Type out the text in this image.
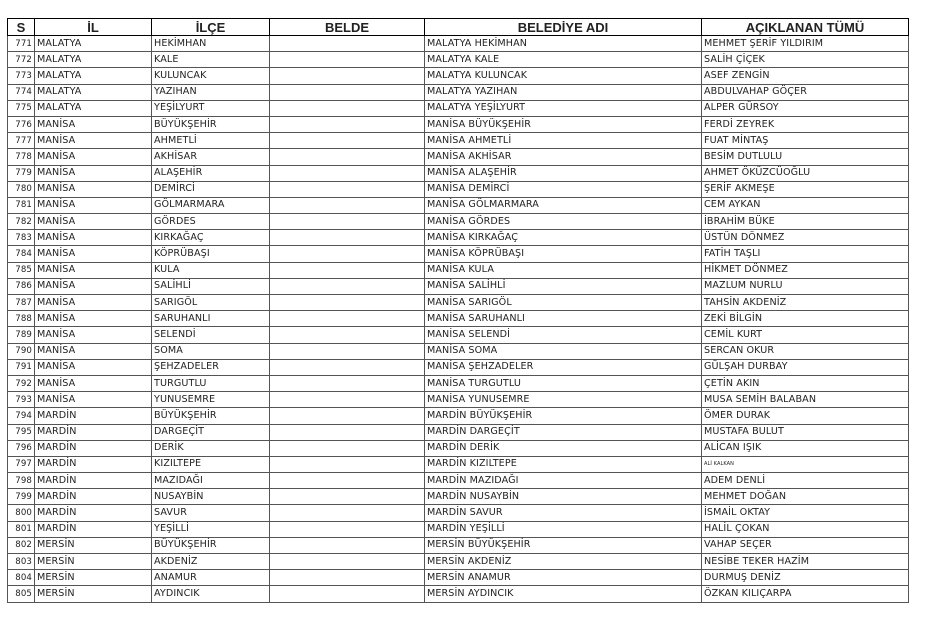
S	İL	İLÇE	BELDE	BELEDİYE ADI	AÇIKLANAN TÜMÜ
771	MALATYA	HEKİMHAN		MALATYA HEKİMHAN	MEHMET ŞERİF YILDIRIM
772	MALATYA	KALE		MALATYA KALE	SALİH ÇİÇEK
773	MALATYA	KULUNCAK		MALATYA KULUNCAK	ASEF ZENGİN
774	MALATYA	YAZIHAN		MALATYA YAZIHAN	ABDULVAHAP GÖÇER
775	MALATYA	YEŞİLYURT		MALATYA YEŞİLYURT	ALPER GÜRSOY
776	MANİSA	BÜYÜKŞEHİR		MANİSA BÜYÜKŞEHİR	FERDİ ZEYREK
777	MANİSA	AHMETLİ		MANİSA AHMETLİ	FUAT MİNTAŞ
778	MANİSA	AKHİSAR		MANİSA AKHİSAR	BESİM DUTLULU
779	MANİSA	ALAŞEHİR		MANİSA ALAŞEHİR	AHMET ÖKÜZCÜOĞLU
780	MANİSA	DEMİRCİ		MANİSA DEMİRCİ	ŞERİF AKMEŞE
781	MANİSA	GÖLMARMARA		MANİSA GÖLMARMARA	CEM AYKAN
782	MANİSA	GÖRDES		MANİSA GÖRDES	İBRAHİM BÜKE
783	MANİSA	KIRKAĞAÇ		MANİSA KIRKAĞAÇ	ÜSTÜN DÖNMEZ
784	MANİSA	KÖPRÜBAŞI		MANİSA KÖPRÜBAŞI	FATİH TAŞLI
785	MANİSA	KULA		MANİSA KULA	HİKMET DÖNMEZ
786	MANİSA	SALİHLİ		MANİSA SALİHLİ	MAZLUM NURLU
787	MANİSA	SARIGÖL		MANİSA SARIGÖL	TAHSİN AKDENİZ
788	MANİSA	SARUHANLI		MANİSA SARUHANLI	ZEKİ BİLGİN
789	MANİSA	SELENDİ		MANİSA SELENDİ	CEMİL KURT
790	MANİSA	SOMA		MANİSA SOMA	SERCAN OKUR
791	MANİSA	ŞEHZADELER		MANİSA ŞEHZADELER	GÜLŞAH DURBAY
792	MANİSA	TURGUTLU		MANİSA TURGUTLU	ÇETİN AKIN
793	MANİSA	YUNUSEMRE		MANİSA YUNUSEMRE	MUSA SEMİH BALABAN
794	MARDİN	BÜYÜKŞEHİR		MARDİN BÜYÜKŞEHİR	ÖMER DURAK
795	MARDİN	DARGEÇİT		MARDİN DARGEÇİT	MUSTAFA BULUT
796	MARDİN	DERİK		MARDİN DERİK	ALİCAN IŞIK
797	MARDİN	KIZILTEPE		MARDİN KIZILTEPE	ALİ KALKAN
798	MARDİN	MAZIDAĞI		MARDİN MAZIDAĞI	ADEM DENLİ
799	MARDİN	NUSAYBİN		MARDİN NUSAYBİN	MEHMET DOĞAN
800	MARDİN	SAVUR		MARDİN SAVUR	İSMAİL OKTAY
801	MARDİN	YEŞİLLİ		MARDİN YEŞİLLİ	HALİL ÇOKAN
802	MERSİN	BÜYÜKŞEHİR		MERSİN BÜYÜKŞEHİR	VAHAP SEÇER
803	MERSİN	AKDENİZ		MERSİN AKDENİZ	NESİBE TEKER HAZİM
804	MERSİN	ANAMUR		MERSİN ANAMUR	DURMUŞ DENİZ
805	MERSİN	AYDINCIK		MERSİN AYDINCIK	ÖZKAN KILIÇARPA
